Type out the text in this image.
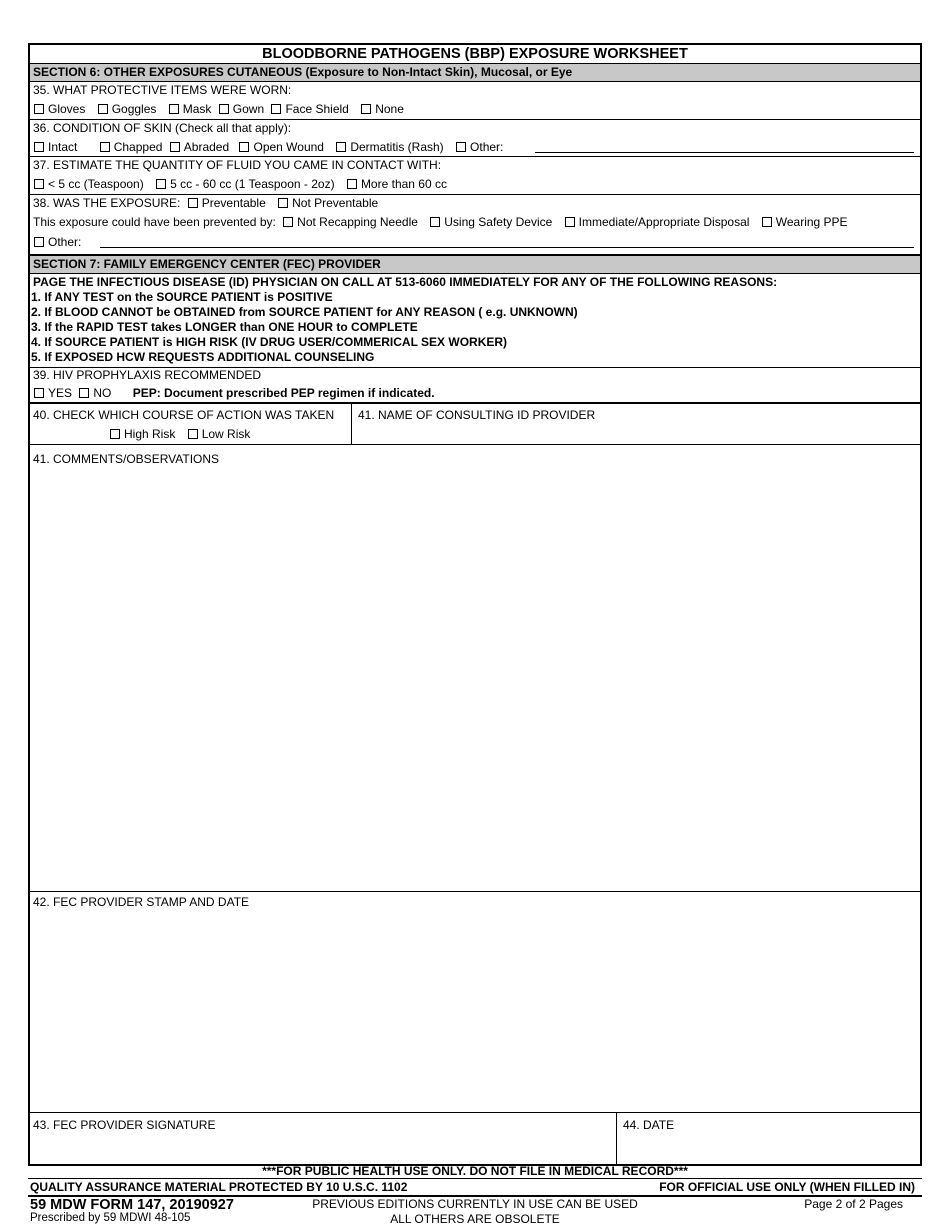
BLOODBORNE PATHOGENS (BBP) EXPOSURE WORKSHEET
SECTION 6: OTHER EXPOSURES CUTANEOUS (Exposure to Non-Intact Skin), Mucosal, or Eye
35. WHAT PROTECTIVE ITEMS WERE WORN:
Gloves Goggles Mask Gown Face Shield None
36. CONDITION OF SKIN (Check all that apply):
Intact	Chapped Abraded Open Wound Dermatitis (Rash) Other:
37. ESTIMATE THE QUANTITY OF FLUID YOU CAME IN CONTACT WITH:
< 5 cc (Teaspoon) 5 cc - 60 cc (1 Teaspoon - 2oz) More than 60 cc
38. WAS THE EXPOSURE: Preventable Not Preventable
This exposure could have been prevented by: Not Recapping Needle Using Safety Device Immediate/Appropriate Disposal Wearing PPE
Other:
SECTION 7: FAMILY EMERGENCY CENTER (FEC) PROVIDER
PAGE THE INFECTIOUS DISEASE (ID) PHYSICIAN ON CALL AT 513-6060 IMMEDIATELY FOR ANY OF THE FOLLOWING REASONS:
1. If ANY TEST on the SOURCE PATIENT is POSITIVE
2. If BLOOD CANNOT be OBTAINED from SOURCE PATIENT for ANY REASON ( e.g. UNKNOWN)
3. If the RAPID TEST takes LONGER than ONE HOUR to COMPLETE
4. If SOURCE PATIENT is HIGH RISK (IV DRUG USER/COMMERICAL SEX WORKER)
5. If EXPOSED HCW REQUESTS ADDITIONAL COUNSELING
39. HIV PROPHYLAXIS RECOMMENDED
YES NO PEP: Document prescribed PEP regimen if indicated.
40. CHECK WHICH COURSE OF ACTION WAS TAKEN
High Risk Low Risk
41. NAME OF CONSULTING ID PROVIDER
41. COMMENTS/OBSERVATIONS
42. FEC PROVIDER STAMP AND DATE
43. FEC PROVIDER SIGNATURE	44. DATE
***FOR PUBLIC HEALTH USE ONLY. DO NOT FILE IN MEDICAL RECORD***
QUALITY ASSURANCE MATERIAL PROTECTED BY 10 U.S.C. 1102	FOR OFFICIAL USE ONLY (WHEN FILLED IN)
59 MDW FORM 147, 20190927
Prescribed by 59 MDWI 48-105
PREVIOUS EDITIONS CURRENTLY IN USE CAN BE USED
ALL OTHERS ARE OBSOLETE
Page 2 of 2 Pages
